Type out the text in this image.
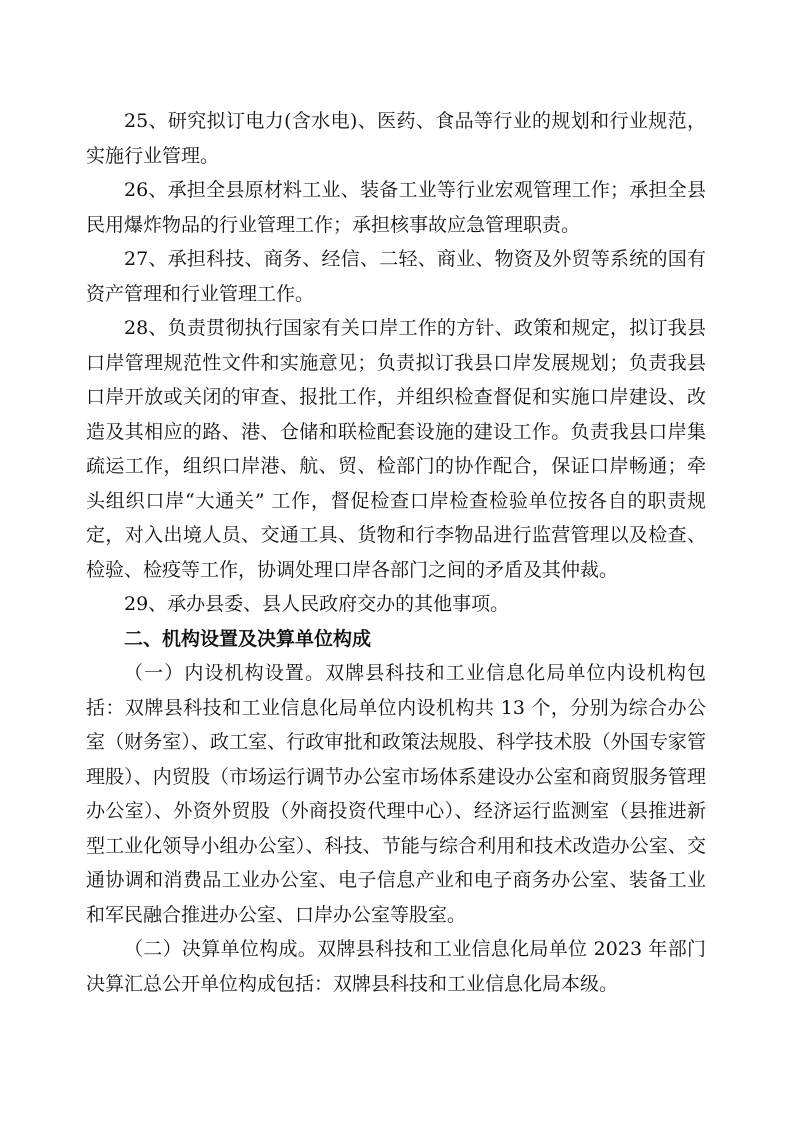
25、研究拟订电力(含水电)、医药、食品等行业的规划和行业规范，实施行业管理。

26、承担全县原材料工业、装备工业等行业宏观管理工作；承担全县民用爆炸物品的行业管理工作；承担核事故应急管理职责。

27、承担科技、商务、经信、二轻、商业、物资及外贸等系统的国有资产管理和行业管理工作。

28、负责贯彻执行国家有关口岸工作的方针、政策和规定，拟订我县口岸管理规范性文件和实施意见；负责拟订我县口岸发展规划；负责我县口岸开放或关闭的审查、报批工作，并组织检查督促和实施口岸建设、改造及其相应的路、港、仓储和联检配套设施的建设工作。负责我县口岸集疏运工作，组织口岸港、航、贸、检部门的协作配合，保证口岸畅通；牵头组织口岸“大通关” 工作，督促检查口岸检查检验单位按各自的职责规定，对入出境人员、交通工具、货物和行李物品进行监营管理以及检查、检验、检疫等工作，协调处理口岸各部门之间的矛盾及其仲裁。

29、承办县委、县人民政府交办的其他事项。

二、机构设置及决算单位构成

（一）内设机构设置。双牌县科技和工业信息化局单位内设机构包括：双牌县科技和工业信息化局单位内设机构共 13 个，分别为综合办公室（财务室）、政工室、行政审批和政策法规股、科学技术股（外国专家管理股）、内贸股（市场运行调节办公室市场体系建设办公室和商贸服务管理办公室）、外资外贸股（外商投资代理中心）、经济运行监测室（县推进新型工业化领导小组办公室）、科技、节能与综合利用和技术改造办公室、交通协调和消费品工业办公室、电子信息产业和电子商务办公室、装备工业和军民融合推进办公室、口岸办公室等股室。

（二）决算单位构成。双牌县科技和工业信息化局单位 2023 年部门决算汇总公开单位构成包括：双牌县科技和工业信息化局本级。
